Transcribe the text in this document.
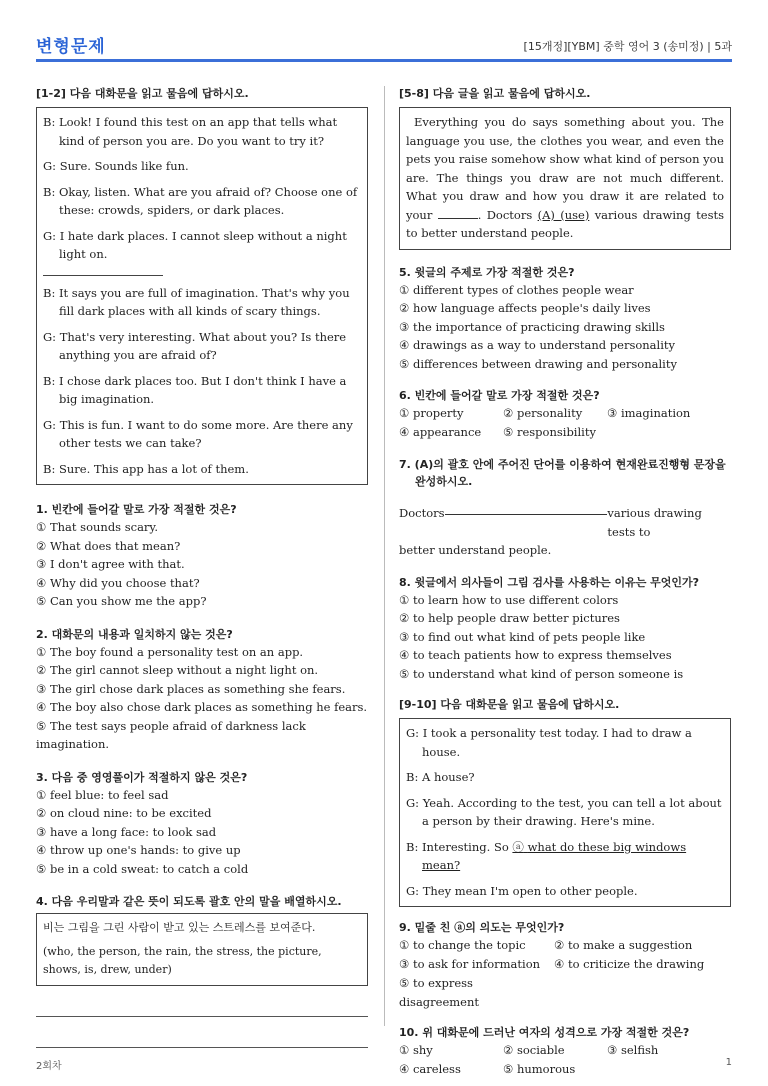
변형문제	[15개정][YBM] 중학 영어 3 (송미정) | 5과
[1-2] 다음 대화문을 읽고 물음에 답하시오.
B: Look! I found this test on an app that tells what kind of person you are. Do you want to try it?
G: Sure. Sounds like fun.
B: Okay, listen. What are you afraid of? Choose one of these: crowds, spiders, or dark places.
G: I hate dark places. I cannot sleep without a night light on.
B: It says you are full of imagination. That's why you fill dark places with all kinds of scary things.
G: That's very interesting. What about you? Is there anything you are afraid of?
B: I chose dark places too. But I don't think I have a big imagination.
G: This is fun. I want to do some more. Are there any other tests we can take?
B: Sure. This app has a lot of them.
1. 빈칸에 들어갈 말로 가장 적절한 것은?
① That sounds scary.
② What does that mean?
③ I don't agree with that.
④ Why did you choose that?
⑤ Can you show me the app?
2. 대화문의 내용과 일치하지 않는 것은?
① The boy found a personality test on an app.
② The girl cannot sleep without a night light on.
③ The girl chose dark places as something she fears.
④ The boy also chose dark places as something he fears.
⑤ The test says people afraid of darkness lack imagination.
3. 다음 중 영영풀이가 적절하지 않은 것은?
① feel blue: to feel sad
② on cloud nine: to be excited
③ have a long face: to look sad
④ throw up one's hands: to give up
⑤ be in a cold sweat: to catch a cold
4. 다음 우리말과 같은 뜻이 되도록 괄호 안의 말을 배열하시오.
비는 그림을 그린 사람이 받고 있는 스트레스를 보여준다.
(who, the person, the rain, the stress, the picture, shows, is, drew, under)
[5-8] 다음 글을 읽고 물음에 답하시오.
Everything you do says something about you. The language you use, the clothes you wear, and even the pets you raise somehow show what kind of person you are. The things you draw are not much different. What you draw and how you draw it are related to your	. Doctors (A) (use) various drawing tests to better understand people.
5. 윗글의 주제로 가장 적절한 것은?
① different types of clothes people wear
② how language affects people's daily lives
③ the importance of practicing drawing skills
④ drawings as a way to understand personality
⑤ differences between drawing and personality
6. 빈칸에 들어갈 말로 가장 적절한 것은?
① property	② personality	③ imagination
④ appearance	⑤ responsibility
7. (A)의 괄호 안에 주어진 단어를 이용하여 현재완료진행형 문장을
완성하시오.
Doctors	various drawing tests to
better understand people.
8. 윗글에서 의사들이 그림 검사를 사용하는 이유는 무엇인가?
① to learn how to use different colors
② to help people draw better pictures
③ to find out what kind of pets people like
④ to teach patients how to express themselves
⑤ to understand what kind of person someone is
[9-10] 다음 대화문을 읽고 물음에 답하시오.
G: I took a personality test today. I had to draw a house.
B: A house?
G: Yeah. According to the test, you can tell a lot about a person by their drawing. Here's mine.
B: Interesting. So ⓐ what do these big windows mean?
G: They mean I'm open to other people.
9. 밑줄 친 ⓐ의 의도는 무엇인가?
① to change the topic	② to make a suggestion
③ to ask for information	④ to criticize the drawing
⑤ to express disagreement
10. 위 대화문에 드러난 여자의 성격으로 가장 적절한 것은?
① shy	② sociable	③ selfish
④ careless	⑤ humorous
2회차	1
